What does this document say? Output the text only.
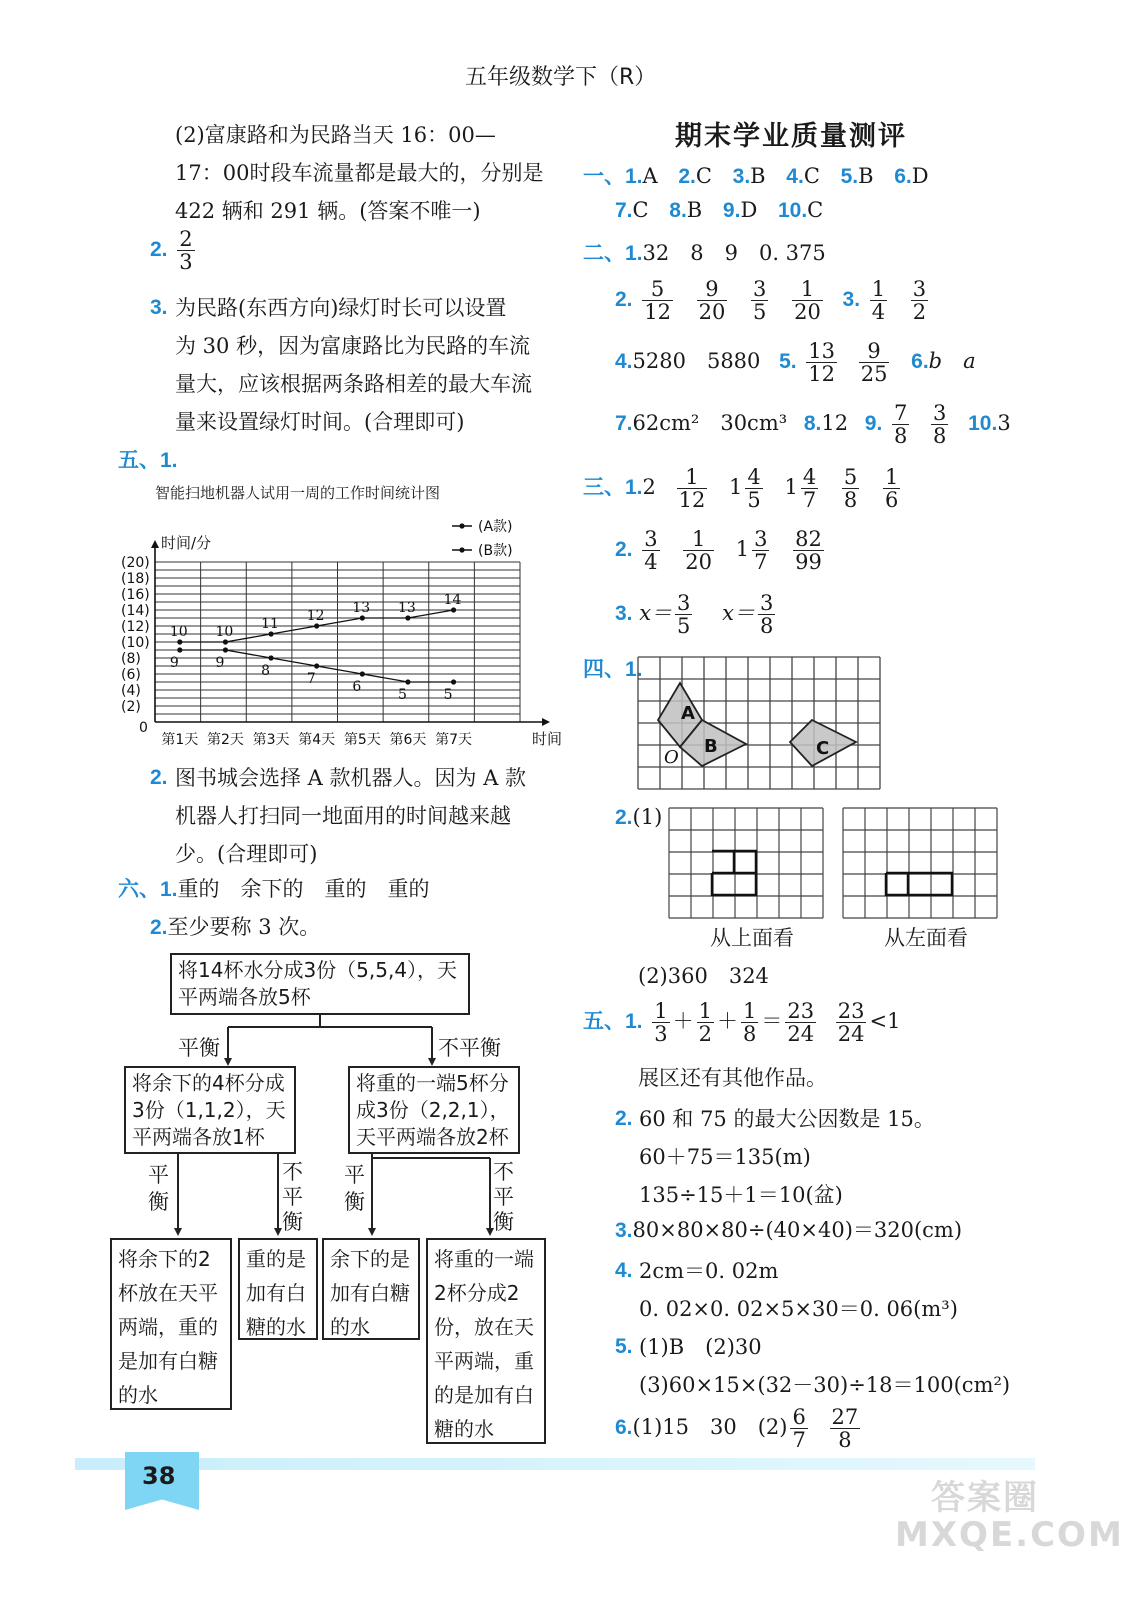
五年级数学下（R）
(2)富康路和为民路当天 16：00—
17：00时段车流量都是最大的，分别是
422 辆和 291 辆。(答案不唯一)
2. $\frac{2}{3}$
3. 为民路(东西方向)绿灯时长可以设置
为 30 秒，因为富康路比为民路的车流
量大，应该根据两条路相差的最大车流
量来设置绿灯时间。(合理即可)
五、1.
智能扫地机器人试用一周的工作时间统计图
(2)
(4)
(6)
(8)
(10)
(12)
(14)
(16)
(18)
(20)
0
时间/分
时间
第1天 第2天 第3天 第4天 第5天 第6天 第7天
(A款)
(B款)
10 10 11 12 13 13 14
9	9	8	7	6	5	5
2. 图书城会选择 A 款机器人。因为 A 款
机器人打扫同一地面用的时间越来越
少。(合理即可)
六、1.重的　余下的　重的　重的
2.至少要称 3 次。
将14杯水分成3份（5,5,4），天平两端各放5杯
平衡	不平衡
将余下的4杯分成3份（1,1,2），天平两端各放1杯
将重的一端5杯分成3份（2,2,1），天平两端各放2杯
平衡
不平衡
平衡
不平衡
将余下的2杯放在天平两端，重的是加有白糖的水
重的是加有白糖的水
余下的是加有白糖的水
将重的一端2杯分成2份，放在天平两端，重的是加有白糖的水
期末学业质量测评
一、1.A 2.C 3.B 4.C 5.B 6.D
7.C 8.B 9.D 10.C
二、1.32　8　9　0. 375
2. $\frac{5}{12}$
$\frac{9}{20}$
$\frac{3}{5}$
$\frac{1}{20} 3$. $\frac{1}{4}$
$\frac{3}{2}$
4.5280　5880 5. $\frac{13}{12}$
$\frac{9}{25} 6.b$　a
7.62cm²　30cm³ 8.12 9. $\frac{7}{8}$
$\frac{3}{8} 10.3$
三、$1.2 \frac{1}{12} 1 \frac{4}{5} 1 \frac{4}{7}$
$\frac{5}{8}$
$\frac{1}{6}$
2. $\frac{3}{4}$
$\frac{1}{20} 1 \frac{3}{7}$
$\frac{82}{99}$
3. $x= \frac{3}{5} x= \frac{3}{8}$
四、1.
A
B	C
O
2.(1)
从上面看	从左面看
(2)360　324
五、1. $\frac{1}{3} + \frac{1}{2} + \frac{1}{8} = \frac{23}{24}$
$\frac{23}{24} <1$
展区还有其他作品。
2. 60 和 75 的最大公因数是 15。
60＋75＝135(m)
135÷15＋1＝10(盆)
3.80×80×80÷(40×40)＝320(cm)
4. 2cm＝0. 02m
0. 02×0. 02×5×30＝0. 06(m³)
5. (1)B　(2)30
(3)60×15×(32－30)÷18＝100(cm²)
6.(1)15　30　$(2) \frac{6}{7}$
$\frac{27}{8}$
38
答案圈 MXQE.COM
